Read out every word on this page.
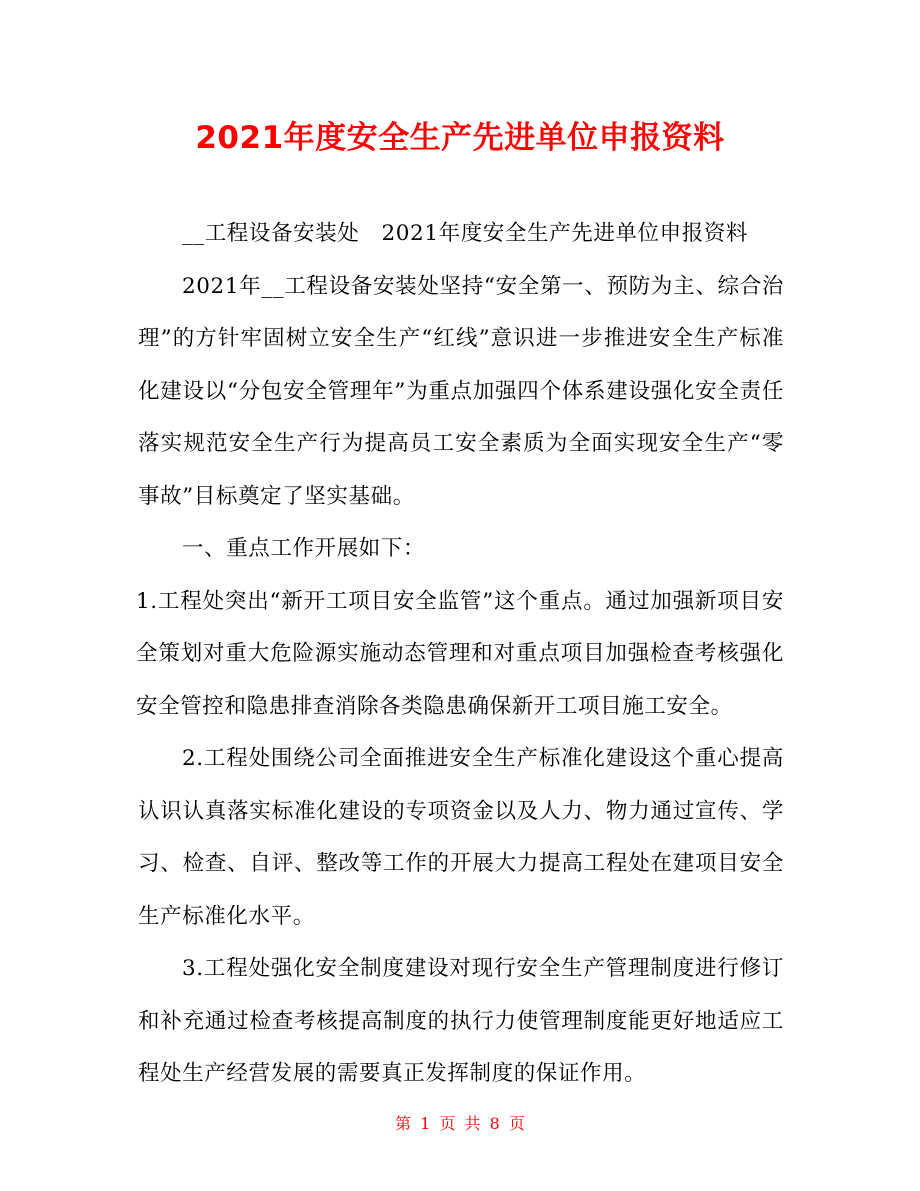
2021年度安全生产先进单位申报资料

__工程设备安装处　2021年度安全生产先进单位申报资料

2021年__工程设备安装处坚持“安全第一、预防为主、综合治理”的方针牢固树立安全生产“红线”意识进一步推进安全生产标准化建设以“分包安全管理年”为重点加强四个体系建设强化安全责任落实规范安全生产行为提高员工安全素质为全面实现安全生产“零事故”目标奠定了坚实基础。

一、重点工作开展如下：

1.工程处突出“新开工项目安全监管”这个重点。通过加强新项目安全策划对重大危险源实施动态管理和对重点项目加强检查考核强化安全管控和隐患排查消除各类隐患确保新开工项目施工安全。

2.工程处围绕公司全面推进安全生产标准化建设这个重心提高认识认真落实标准化建设的专项资金以及人力、物力通过宣传、学习、检查、自评、整改等工作的开展大力提高工程处在建项目安全生产标准化水平。

3.工程处强化安全制度建设对现行安全生产管理制度进行修订和补充通过检查考核提高制度的执行力使管理制度能更好地适应工程处生产经营发展的需要真正发挥制度的保证作用。

第 1 页 共 8 页
